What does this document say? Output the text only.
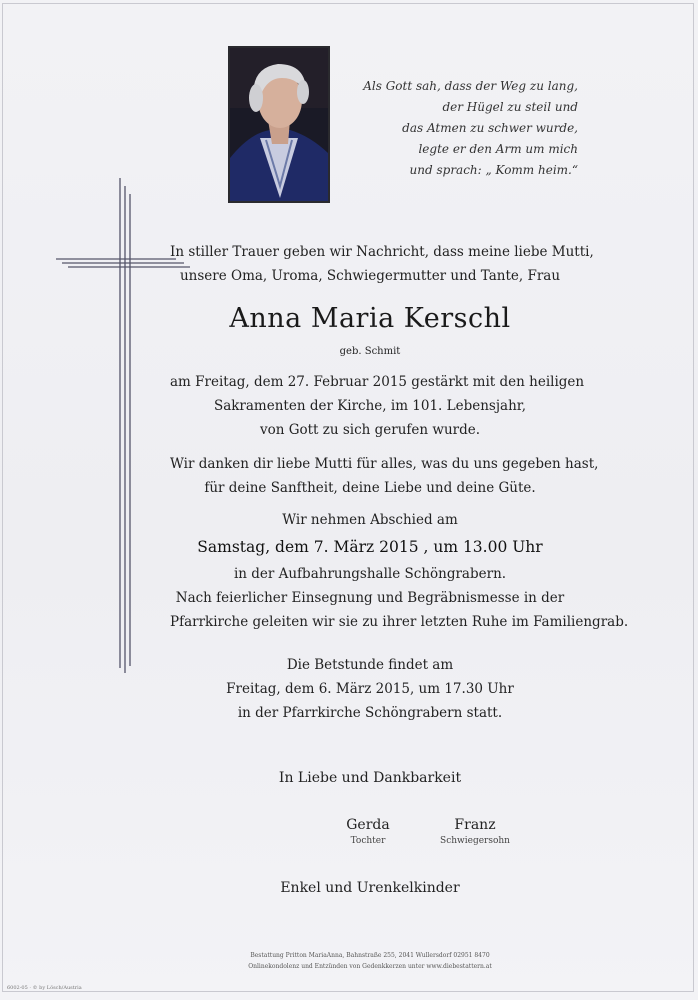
Als Gott sah, dass der Weg zu lang,
der Hügel zu steil und
das Atmen zu schwer wurde,
legte er den Arm um mich
und sprach: „ Komm heim.“
In stiller Trauer geben wir Nachricht, dass meine liebe Mutti,
unsere Oma, Uroma, Schwiegermutter und Tante, Frau
Anna Maria Kerschl
geb. Schmit
am Freitag, dem 27. Februar 2015 gestärkt mit den heiligen
Sakramenten der Kirche, im 101. Lebensjahr,
von Gott zu sich gerufen wurde.
Wir danken dir liebe Mutti für alles, was du uns gegeben hast,
für deine Sanftheit, deine Liebe und deine Güte.
Wir nehmen Abschied am
Samstag, dem 7. März 2015 , um 13.00 Uhr
in der Aufbahrungshalle Schöngrabern.
Nach feierlicher Einsegnung und Begräbnismesse in der
Pfarrkirche geleiten wir sie zu ihrer letzten Ruhe im Familiengrab.
Die Betstunde findet am
Freitag, dem 6. März 2015, um 17.30 Uhr
in der Pfarrkirche Schöngrabern statt.
In Liebe und Dankbarkeit
Gerda
Tochter
Franz
Schwiegersohn
Enkel und Urenkelkinder
Bestattung Pritton MariaAnna, Bahnstraße 255, 2041 Wullersdorf 02951 8470
Onlinekondolenz und Entzünden von Gedenkkerzen unter www.diebestattern.at
6002-05 · © by Lösch/Austria
